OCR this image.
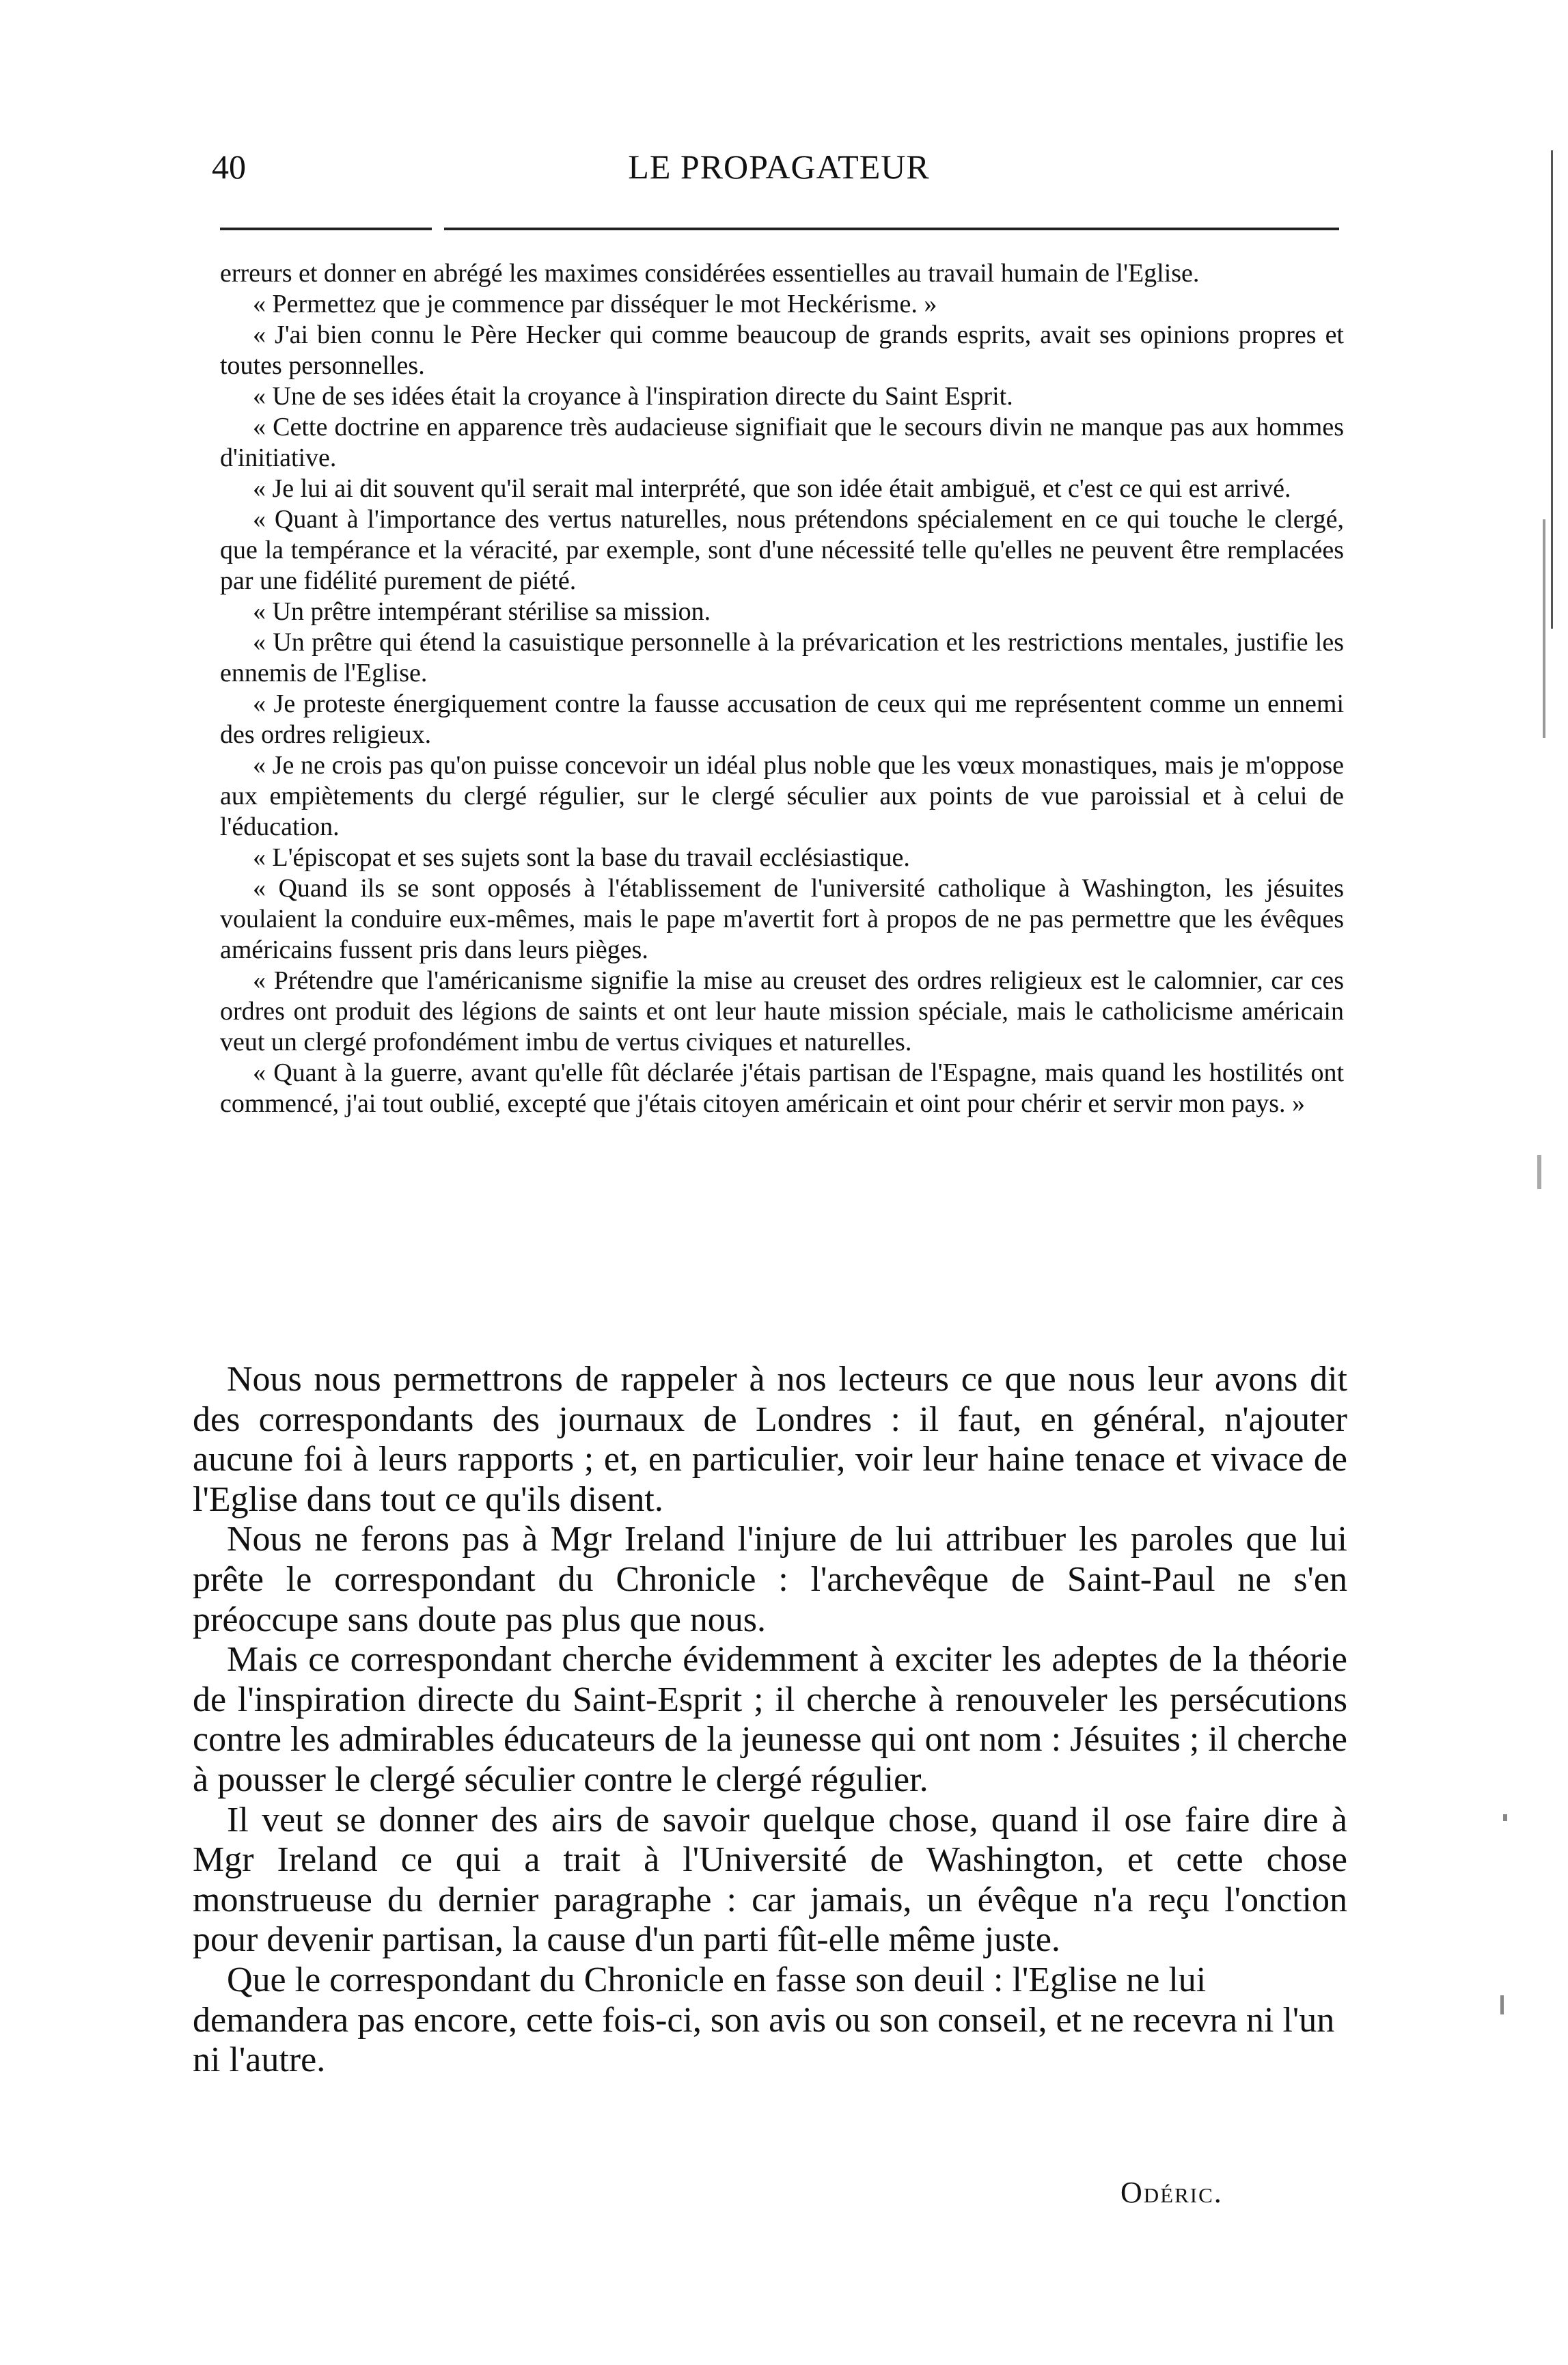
40	LE PROPAGATEUR

erreurs et donner en abrégé les maximes considérées essentielles au travail humain de l'Eglise.

« Permettez que je commence par disséquer le mot Heckérisme. »

« J'ai bien connu le Père Hecker qui comme beaucoup de grands esprits, avait ses opinions propres et toutes personnelles.

« Une de ses idées était la croyance à l'inspiration directe du Saint Esprit.

« Cette doctrine en apparence très audacieuse signifiait que le secours divin ne manque pas aux hommes d'initiative.

« Je lui ai dit souvent qu'il serait mal interprété, que son idée était ambiguë, et c'est ce qui est arrivé.

« Quant à l'importance des vertus naturelles, nous prétendons spécialement en ce qui touche le clergé, que la tempérance et la véracité, par exemple, sont d'une nécessité telle qu'elles ne peuvent être remplacées par une fidélité purement de piété.

« Un prêtre intempérant stérilise sa mission.

« Un prêtre qui étend la casuistique personnelle à la prévarication et les restrictions mentales, justifie les ennemis de l'Eglise.

« Je proteste énergiquement contre la fausse accusation de ceux qui me représentent comme un ennemi des ordres religieux.

« Je ne crois pas qu'on puisse concevoir un idéal plus noble que les vœux monastiques, mais je m'oppose aux empiètements du clergé régulier, sur le clergé séculier aux points de vue paroissial et à celui de l'éducation.

« L'épiscopat et ses sujets sont la base du travail ecclésiastique.

« Quand ils se sont opposés à l'établissement de l'université catholique à Washington, les jésuites voulaient la conduire eux-mêmes, mais le pape m'avertit fort à propos de ne pas permettre que les évêques américains fussent pris dans leurs pièges.

« Prétendre que l'américanisme signifie la mise au creuset des ordres religieux est le calomnier, car ces ordres ont produit des légions de saints et ont leur haute mission spéciale, mais le catholicisme américain veut un clergé profondément imbu de vertus civiques et naturelles.

« Quant à la guerre, avant qu'elle fût déclarée j'étais partisan de l'Espagne, mais quand les hostilités ont commencé, j'ai tout oublié, excepté que j'étais citoyen américain et oint pour chérir et servir mon pays. »

Nous nous permettrons de rappeler à nos lecteurs ce que nous leur avons dit des correspondants des journaux de Londres : il faut, en général, n'ajouter aucune foi à leurs rapports ; et, en particulier, voir leur haine tenace et vivace de l'Eglise dans tout ce qu'ils disent.

Nous ne ferons pas à Mgr Ireland l'injure de lui attribuer les paroles que lui prête le correspondant du Chronicle : l'archevêque de Saint-Paul ne s'en préoccupe sans doute pas plus que nous.

Mais ce correspondant cherche évidemment à exciter les adeptes de la théorie de l'inspiration directe du Saint-Esprit ; il cherche à renouveler les persécutions contre les admirables éducateurs de la jeunesse qui ont nom : Jésuites ; il cherche à pousser le clergé séculier contre le clergé régulier.

Il veut se donner des airs de savoir quelque chose, quand il ose faire dire à Mgr Ireland ce qui a trait à l'Université de Washington, et cette chose monstrueuse du dernier paragraphe : car jamais, un évêque n'a reçu l'onction pour devenir partisan, la cause d'un parti fût-elle même juste.

Que le correspondant du Chronicle en fasse son deuil : l'Eglise ne lui demandera pas encore, cette fois-ci, son avis ou son conseil, et ne recevra ni l'un ni l'autre.

Odéric.
